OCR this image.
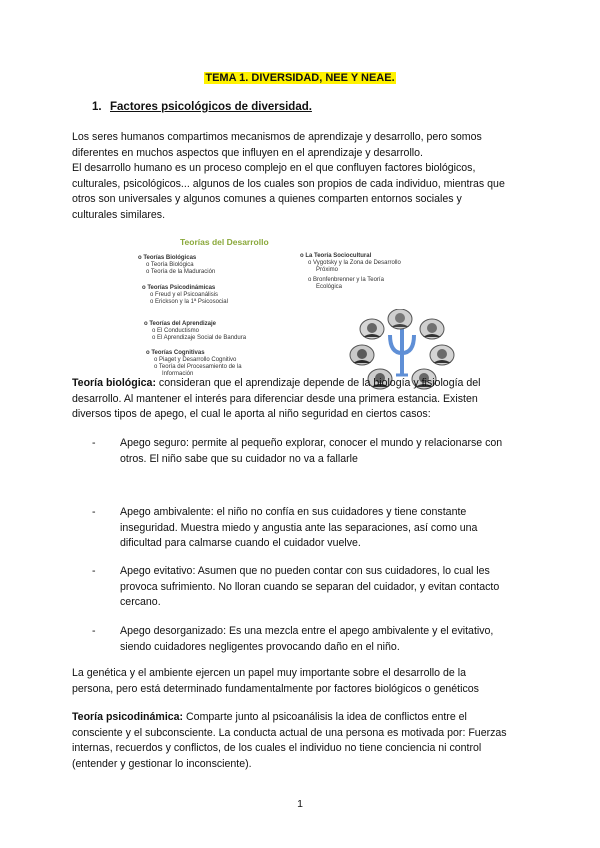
TEMA 1. DIVERSIDAD, NEE Y NEAE.
1. Factores psicológicos de diversidad.
Los seres humanos compartimos mecanismos de aprendizaje y desarrollo, pero somos
diferentes en muchos aspectos que influyen en el aprendizaje y desarrollo.
El desarrollo humano es un proceso complejo en el que confluyen factores biológicos,
culturales, psicológicos... algunos de los cuales son propios de cada individuo, mientras que
otros son universales y algunos comunes a quienes comparten entornos sociales y
culturales similares.
Teorías del Desarrollo
o Teorías Biológicas
o Teoría Biológica
o Teoría de la Maduración
o Teorías Psicodinámicas
o Freud y el Psicoanálisis
o Erickson y la 1ª Psicosocial
o Teorías del Aprendizaje
o El Conductismo
o El Aprendizaje Social de Bandura
o Teorías Cognitivas
o Piaget y Desarrollo Cognitivo
o Teoría del Procesamiento de la
Información
o La Teoría Sociocultural
o Vygotsky y la Zona de Desarrollo
Próximo
o Bronfenbrenner y la Teoría
Ecológica
Teoría biológica: consideran que el aprendizaje depende de la biología y fisiología del
desarrollo. Al mantener el interés para diferenciar desde una primera estancia. Existen
diversos tipos de apego, el cual le aporta al niño seguridad en ciertos casos:
- Apego seguro: permite al pequeño explorar, conocer el mundo y relacionarse con
otros. El niño sabe que su cuidador no va a fallarle
- Apego ambivalente: el niño no confía en sus cuidadores y tiene constante
inseguridad. Muestra miedo y angustia ante las separaciones, así como una
dificultad para calmarse cuando el cuidador vuelve.
- Apego evitativo: Asumen que no pueden contar con sus cuidadores, lo cual les
provoca sufrimiento. No lloran cuando se separan del cuidador, y evitan contacto
cercano.
- Apego desorganizado: Es una mezcla entre el apego ambivalente y el evitativo,
siendo cuidadores negligentes provocando daño en el niño.
La genética y el ambiente ejercen un papel muy importante sobre el desarrollo de la
persona, pero está determinado fundamentalmente por factores biológicos o genéticos
Teoría psicodinámica: Comparte junto al psicoanálisis la idea de conflictos entre el
consciente y el subconsciente. La conducta actual de una persona es motivada por: Fuerzas
internas, recuerdos y conflictos, de los cuales el individuo no tiene conciencia ni control
(entender y gestionar lo inconsciente).
1
